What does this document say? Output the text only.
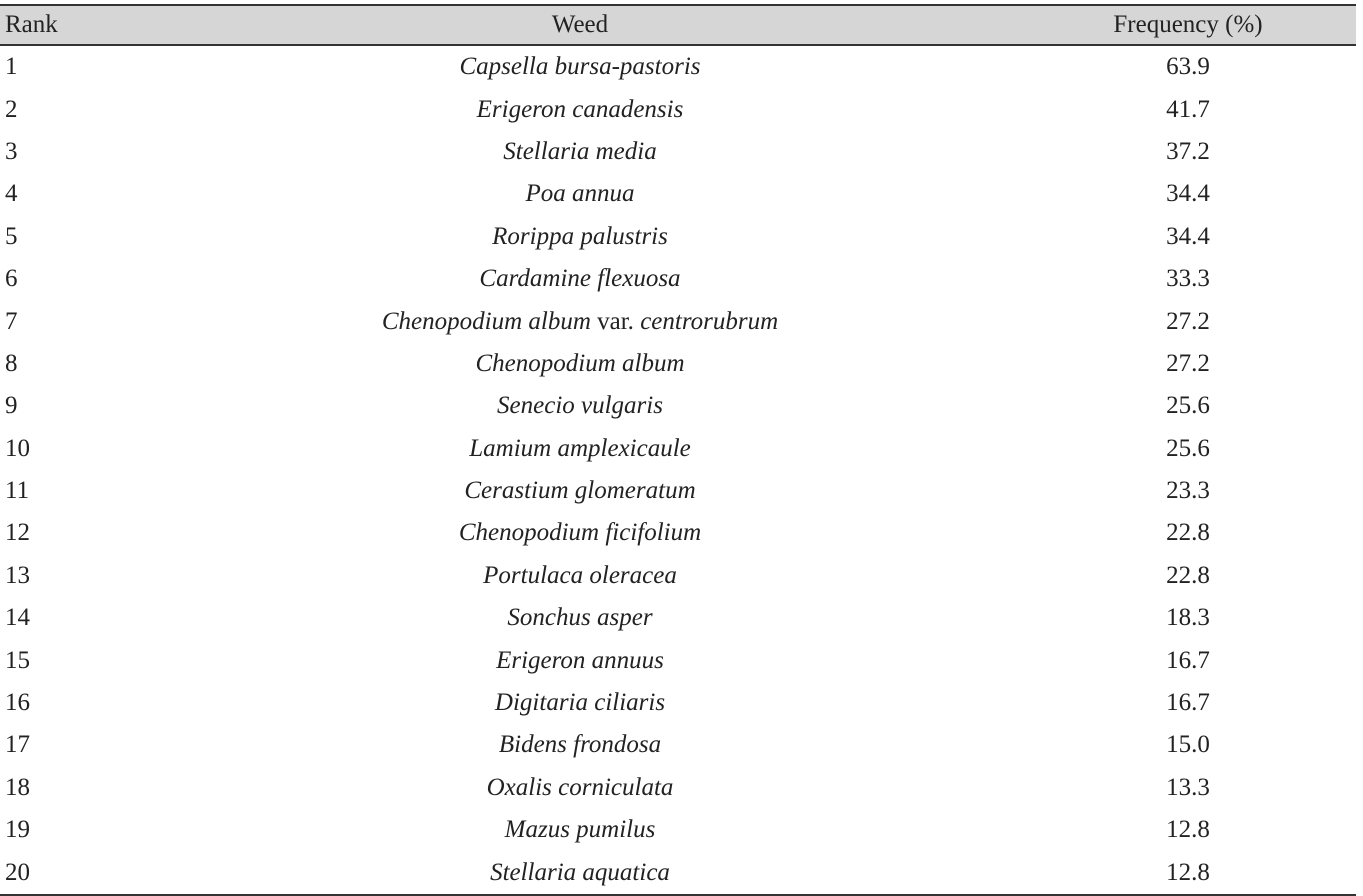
Rank	Weed	Frequency (%)
1	Capsella bursa-pastoris	63.9
2	Erigeron canadensis	41.7
3	Stellaria media	37.2
4	Poa annua	34.4
5	Rorippa palustris	34.4
6	Cardamine flexuosa	33.3
7	Chenopodium album var. centrorubrum	27.2
8	Chenopodium album	27.2
9	Senecio vulgaris	25.6
10	Lamium amplexicaule	25.6
11	Cerastium glomeratum	23.3
12	Chenopodium ficifolium	22.8
13	Portulaca oleracea	22.8
14	Sonchus asper	18.3
15	Erigeron annuus	16.7
16	Digitaria ciliaris	16.7
17	Bidens frondosa	15.0
18	Oxalis corniculata	13.3
19	Mazus pumilus	12.8
20	Stellaria aquatica	12.8
